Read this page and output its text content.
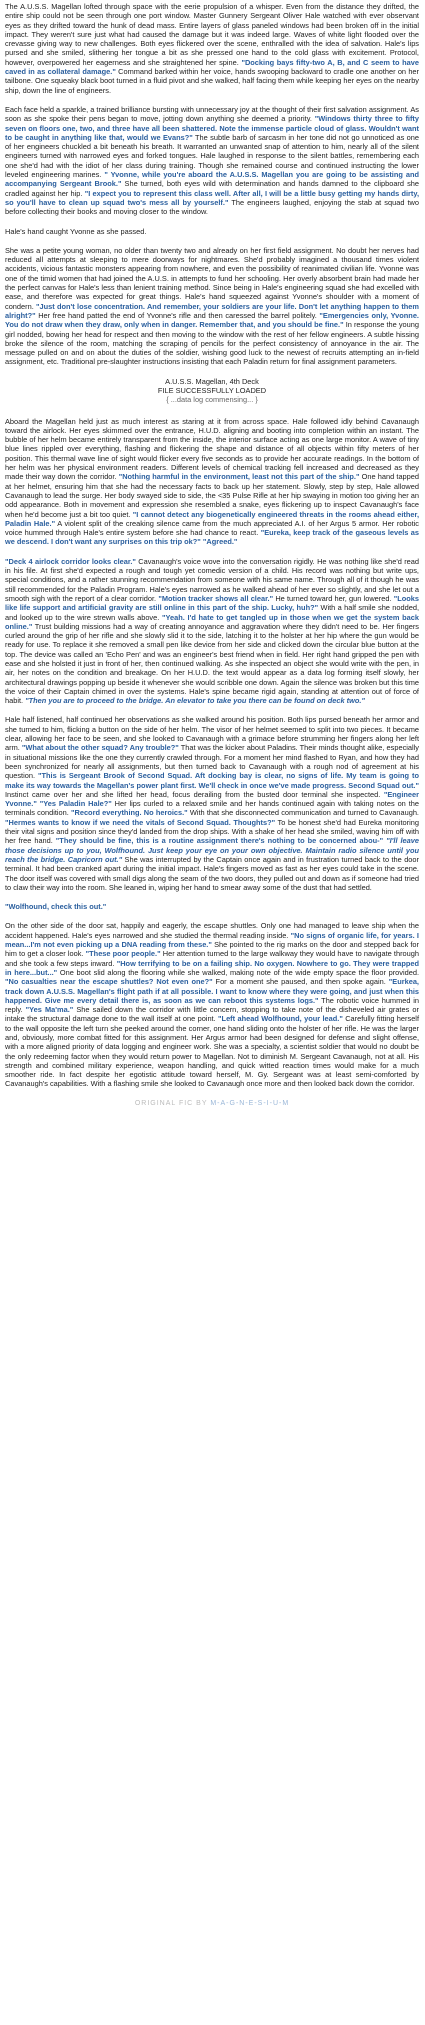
The A.U.S.S. Magellan lofted through space with the eerie propulsion of a whisper. Even from the distance they drifted, the entire ship could not be seen through one port window. Master Gunnery Sergeant Oliver Hale watched with ever observant eyes as they drifted toward the hunk of dead mass. Entire layers of glass paneled windows had been broken off in the initial impact. They weren't sure just what had caused the damage but it was indeed large. Waves of white light flooded over the crevasse giving way to new challenges. Both eyes flickered over the scene, enthralled with the idea of salvation. Hale's lips pursed and she smiled, slithering her tongue a bit as she pressed one hand to the cold glass with excitement. Protocol, however, overpowered her eagerness and she straightened her spine. "Docking bays fifty-two A, B, and C seem to have caved in as collateral damage." Command barked within her voice, hands swooping backward to cradle one another on her tailbone. One squeaky black boot turned in a fluid pivot and she walked, half facing them while keeping her eyes on the nearby ship, down the line of engineers.

Each face held a sparkle, a trained brilliance bursting with unnecessary joy at the thought of their first salvation assignment. As soon as she spoke their pens began to move, jotting down anything she deemed a priority. "Windows thirty three to fifty seven on floors one, two, and three have all been shattered. Note the immense particle cloud of glass. Wouldn't want to be caught in anything like that, would we Evans?" The subtle barb of sarcasm in her tone did not go unnoticed as one of her engineers chuckled a bit beneath his breath. It warranted an unwanted snap of attention to him, nearly all of the silent engineers turned with narrowed eyes and forked tongues. Hale laughed in response to the silent battles, remembering each one she'd had with the idiot of her class during training. Though she remained course and continued instructing the lower leveled engineering marines. " Yvonne, while you're aboard the A.U.S.S. Magellan you are going to be assisting and accompanying Sergeant Brook." She turned, both eyes wild with determination and hands damned to the clipboard she cradled against her hip. "I expect you to represent this class well. After all, I will be a little busy getting my hands dirty, so you'll have to clean up squad two's mess all by yourself." The engineers laughed, enjoying the stab at squad two before collecting their books and moving closer to the window.

Hale's hand caught Yvonne as she passed.

She was a petite young woman, no older than twenty two and already on her first field assignment. No doubt her nerves had reduced all attempts at sleeping to mere doorways for nightmares. She'd probably imagined a thousand times violent accidents, vicious fantastic monsters appearing from nowhere, and even the possibility of reanimated civilian life. Yvonne was one of the timid women that had joined the A.U.S. in attempts to fund her schooling. Her overly absorbent brain had made her the perfect canvas for Hale's less than lenient training method. Since being in Hale's engineering squad she had excelled with ease, and therefore was expected for great things. Hale's hand squeezed against Yvonne's shoulder with a moment of condern. "Just don't lose concentration. And remember, your soldiers are your life. Don't let anything happen to them alright?" Her free hand patted the end of Yvonne's rifle and then caressed the barrel politely. "Emergencies only, Yvonne. You do not draw when they draw, only when in danger. Remember that, and you should be fine." In response the young girl nodded, bowing her head for respect and then moving to the window with the rest of her fellow engineers. A subtle hissing broke the silence of the room, matching the scraping of pencils for the perfect consistency of annoyance in the air. The message pulled on and on about the duties of the soldier, wishing good luck to the newest of recruits attempting an in-field assignment, etc. Traditional pre-slaughter instructions insisting that each Paladin return for final assignment parameters.

A.U.S.S. Magellan, 4th Deck
FILE SUCCESSFULLY LOADED
{ ...data log commensing... }

Aboard the Magellan held just as much interest as staring at it from across space. Hale followed idly behind Cavanaugh toward the airlock. Her eyes skimmed over the entrance, H.U.D. aligning and booting into completion within an instant. The bubble of her helm became entirely transparent from the inside, the interior surface acting as one large monitor. A wave of tiny blue lines rippled over everything, flashing and flickering the shape and distance of all objects within fifty meters of her position. This thermal wave line of sight would flicker every five seconds as to provide her accurate readings. In the bottom of her helm was her physical environment readers. Different levels of chemical tracking fell increased and decreased as they made their way down the corridor. "Nothing harmful in the environment, least not this part of the ship." One hand tapped at her helmet, ensuring him that she had the necessary facts to back up her statement. Slowly, step by step, Hale allowed Cavanaugh to lead the surge. Her body swayed side to side, the <35 Pulse Rifle at her hip swaying in motion too giving her an odd appearance. Both in movement and expression she resembled a snake, eyes flickering up to inspect Cavanaugh's face when he'd become just a bit too quiet. "I cannot detect any biogenetically engineered threats in the rooms ahead either, Paladin Hale." A violent split of the creaking silence came from the much appreciated A.I. of her Argus 5 armor. Her robotic voice hummed through Hale's entire system before she had chance to react. "Eureka, keep track of the gaseous levels as we descend. I don't want any surprises on this trip ok?" "Agreed."

"Deck 4 airlock corridor looks clear." Cavanaugh's voice wove into the conversation rigidly. He was nothing like she'd read in his file. At first she'd expected a rough and tough yet comedic version of a child. His record was nothing but write ups, special conditions, and a rather stunning recommendation from someone with his same name. Through all of it though he was still recommended for the Paladin Program. Hale's eyes narrowed as he walked ahead of her ever so slightly, and she let out a smooth sigh with the report of a clear corridor. "Motion tracker shows all clear." He turned toward her, gun lowered. "Looks like life support and artificial gravity are still online in this part of the ship. Lucky, huh?" With a half smile she nodded, and looked up to the wire strewn walls above. "Yeah. I'd hate to get tangled up in those when we get the system back online." Trust building missions had a way of creating annoyance and aggravation where they didn't need to be. Her fingers curled around the grip of her rifle and she slowly slid it to the side, latching it to the holster at her hip where the gun would be ready for use. To replace it she removed a small pen like device from her side and clicked down the circular blue button at the top. The device was called an 'Echo Pen' and was an engineer's best friend when in field. Her right hand gripped the pen with ease and she holsted it just in front of her, then continued walking. As she inspected an object she would write with the pen, in air, her notes on the condition and breakage. On her H.U.D. the text would appear as a data log forming itself slowly, her architectural drawings popping up beside it whenever she would scribble one down. Again the silence was broken but this time the voice of their Captain chimed in over the systems. Hale's spine became rigid again, standing at attention out of force of habit. "Then you are to proceed to the bridge. An elevator to take you there can be found on deck two."

Hale half listened, half continued her observations as she walked around his position. Both lips pursed beneath her armor and she turned to him, flicking a button on the side of her helm. The visor of her helmet seemed to split into two pieces. It became clear, allowing her face to be seen, and she looked to Cavanaugh with a grimace before strumming her fingers along her left arm. "What about the other squad? Any trouble?" That was the kicker about Paladins. Their minds thought alike, especially in situational missions like the one they currently crawled through. For a moment her mind flashed to Ryan, and how they had been synchronized for nearly all assignments, but then turned back to Cavanaugh with a rough nod of agreement at his question. "This is Sergeant Brook of Second Squad. Aft docking bay is clear, no signs of life. My team is going to make its way towards the Magellan's power plant first. We'll check in once we've made progress. Second Squad out." Instinct came over her and she lifted her head, focus derailing from the busted door terminal she inspected. "Engineer Yvonne." "Yes Paladin Hale?" Her lips curled to a relaxed smile and her hands continued again with taking notes on the terminals condition. "Record everything. No heroics." With that she disconnected communication and turned to Cavanaugh. "Hermes wants to know if we need the vitals of Second Squad. Thoughts?" To be honest she'd had Eureka monitoring their vital signs and position since they'd landed from the drop ships. With a shake of her head she smiled, waving him off with her free hand. "They should be fine, this is a routine assignment there's nothing to be concerned abou-" "I'll leave those decisions up to you, Wolfhound. Just keep your eye on your own objective. Maintain radio silence until you reach the bridge. Capricorn out." She was interrupted by the Captain once again and in frustration turned back to the door terminal. It had been cranked apart during the initial impact. Hale's fingers moved as fast as her eyes could take in the scene. The door itself was covered with small digs along the seam of the two doors, they pulled out and down as if someone had tried to claw their way into the room. She leaned in, wiping her hand to smear away some of the dust that had settled.

"Wolfhound, check this out."

On the other side of the door sat, happily and eagerly, the escape shuttles. Only one had managed to leave ship when the accident happened. Hale's eyes narrowed and she studied the thermal reading inside. "No signs of organic life, for years. I mean...I'm not even picking up a DNA reading from these." She pointed to the rig marks on the door and stepped back for him to get a closer look. "These poor people." Her attention turned to the large walkway they would have to navigate through and she took a few steps inward. "How terrifying to be on a failing ship. No oxygen. Nowhere to go. They were trapped in here...but..." One boot slid along the flooring while she walked, making note of the wide empty space the floor provided. "No casualties near the escape shuttles? Not even one?" For a moment she paused, and then spoke again. "Eurkea, track down A.U.S.S. Magellan's flight path if at all possible. I want to know where they were going, and just when this happened. Give me every detail there is, as soon as we can reboot this systems logs." The robotic voice hummed in reply. "Yes Ma'ma." She sailed down the corridor with little concern, stopping to take note of the disheveled air grates or intake the structural damage done to the wall itself at one point. "Left ahead Wolfhound, your lead." Carefully fitting herself to the wall opposite the left turn she peeked around the corner, one hand sliding onto the holster of her rifle. He was the larger and, obviously, more combat fitted for this assignment. Her Argus armor had been designed for defense and slight offense, with a more aligned priority of data logging and engineer work. She was a specialty, a scientist soldier that would no doubt be the only redeeming factor when they would return power to Magellan. Not to diminish M. Sergeant Cavanaugh, not at all. His strength and combined military experience, weapon handling, and quick witted reaction times would make for a much smoother ride. In fact despite her egotistic attitude toward herself, M. Gy. Sergeant was at least semi-comforted by Cavanaugh's capabilities. With a flashing smile she looked to Cavanaugh once more and then looked back down the corridor.

ORIGINAL FIC BY M-A-G-N-E-S-I-U-M
